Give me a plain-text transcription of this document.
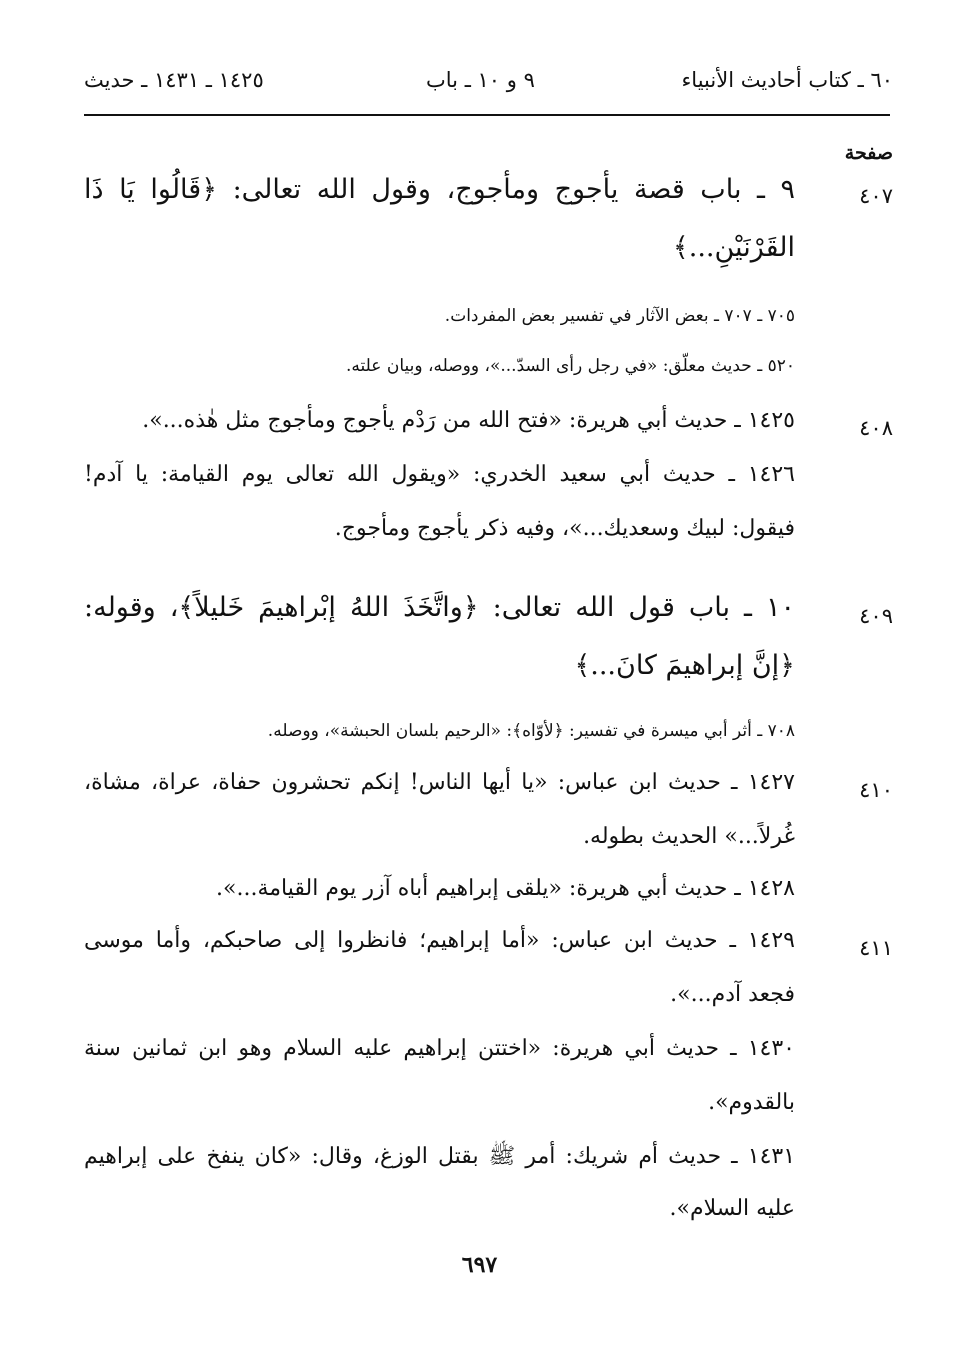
٦٠ ـ كتاب أحاديث الأنبياء
٩ و ١٠ ـ باب
١٤٢٥ ـ ١٤٣١ ـ حديث
صفحة
٤٠٧
٩ ـ باب قصة يأجوج ومأجوج، وقول الله تعالى: ﴿قَالُوا يَا ذَا
القَرْنَيْنِ...﴾
٧٠٥ ـ ٧٠٧ ـ بعض الآثار في تفسير بعض المفردات.
٥٢٠ ـ حديث معلّق: «في رجل رأى السدّ...»، ووصله، وبيان علته.
٤٠٨
١٤٢٥ ـ حديث أبي هريرة: «فتح الله من رَدْم يأجوج ومأجوج مثل هٰذه...».
١٤٢٦ ـ حديث أبي سعيد الخدري: «ويقول الله تعالى يوم القيامة: يا آدم!
فيقول: لبيك وسعديك...»، وفيه ذكر يأجوج ومأجوج.
٤٠٩
١٠ ـ باب قول الله تعالى: ﴿واتَّخَذَ اللهُ إبْراهيمَ خَليلاً﴾، وقوله:
﴿إنَّ إبراهيمَ كانَ...﴾
٧٠٨ ـ أثر أبي ميسرة في تفسير: ﴿لأوّاه﴾: «الرحيم بلسان الحبشة»، ووصله.
٤١٠
١٤٢٧ ـ حديث ابن عباس: «يا أيها الناس! إنكم تحشرون حفاة، عراة، مشاة،
غُرلاً...» الحديث بطوله.
١٤٢٨ ـ حديث أبي هريرة: «يلقى إبراهيم أباه آزر يوم القيامة...».
٤١١
١٤٢٩ ـ حديث ابن عباس: «أما إبراهيم؛ فانظروا إلى صاحبكم، وأما موسى
فجعد آدم...».
١٤٣٠ ـ حديث أبي هريرة: «اختتن إبراهيم عليه السلام وهو ابن ثمانين سنة
بالقدوم».
١٤٣١ ـ حديث أم شريك: أمر ﷺ بقتل الوزغ، وقال: «كان ينفخ على إبراهيم
عليه السلام».
٦٩٧
